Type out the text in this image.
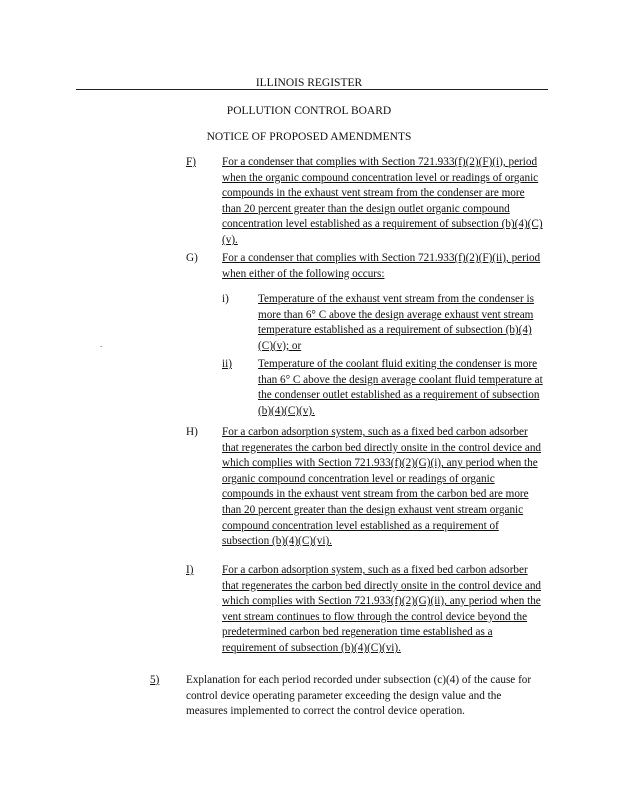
ILLINOIS REGISTER
POLLUTION CONTROL BOARD
NOTICE OF PROPOSED AMENDMENTS
F) For a condenser that complies with Section 721.933(f)(2)(F)(i), period when the organic compound concentration level or readings of organic compounds in the exhaust vent stream from the condenser are more than 20 percent greater than the design outlet organic compound concentration level established as a requirement of subsection (b)(4)(C)(v).

G) For a condenser that complies with Section 721.933(f)(2)(F)(ii), period when either of the following occurs:

i)	Temperature of the exhaust vent stream from the condenser is more than 6° C above the design average exhaust vent stream temperature established as a requirement of subsection (b)(4)(C)(v); or

.
ii) Temperature of the coolant fluid exiting the condenser is more than 6° C above the design average coolant fluid temperature at the condenser outlet established as a requirement of subsection (b)(4)(C)(v).

H) For a carbon adsorption system, such as a fixed bed carbon adsorber that regenerates the carbon bed directly onsite in the control device and which complies with Section 721.933(f)(2)(G)(i), any period when the organic compound concentration level or readings of organic compounds in the exhaust vent stream from the carbon bed are more than 20 percent greater than the design exhaust vent stream organic compound concentration level established as a requirement of subsection (b)(4)(C)(vi).

I)	For a carbon adsorption system, such as a fixed bed carbon adsorber that regenerates the carbon bed directly onsite in the control device and which complies with Section 721.933(f)(2)(G)(ii), any period when the vent stream continues to flow through the control device beyond the predetermined carbon bed regeneration time established as a requirement of subsection (b)(4)(C)(vi).

5) Explanation for each period recorded under subsection (c)(4) of the cause for control device operating parameter exceeding the design value and the measures implemented to correct the control device operation.
